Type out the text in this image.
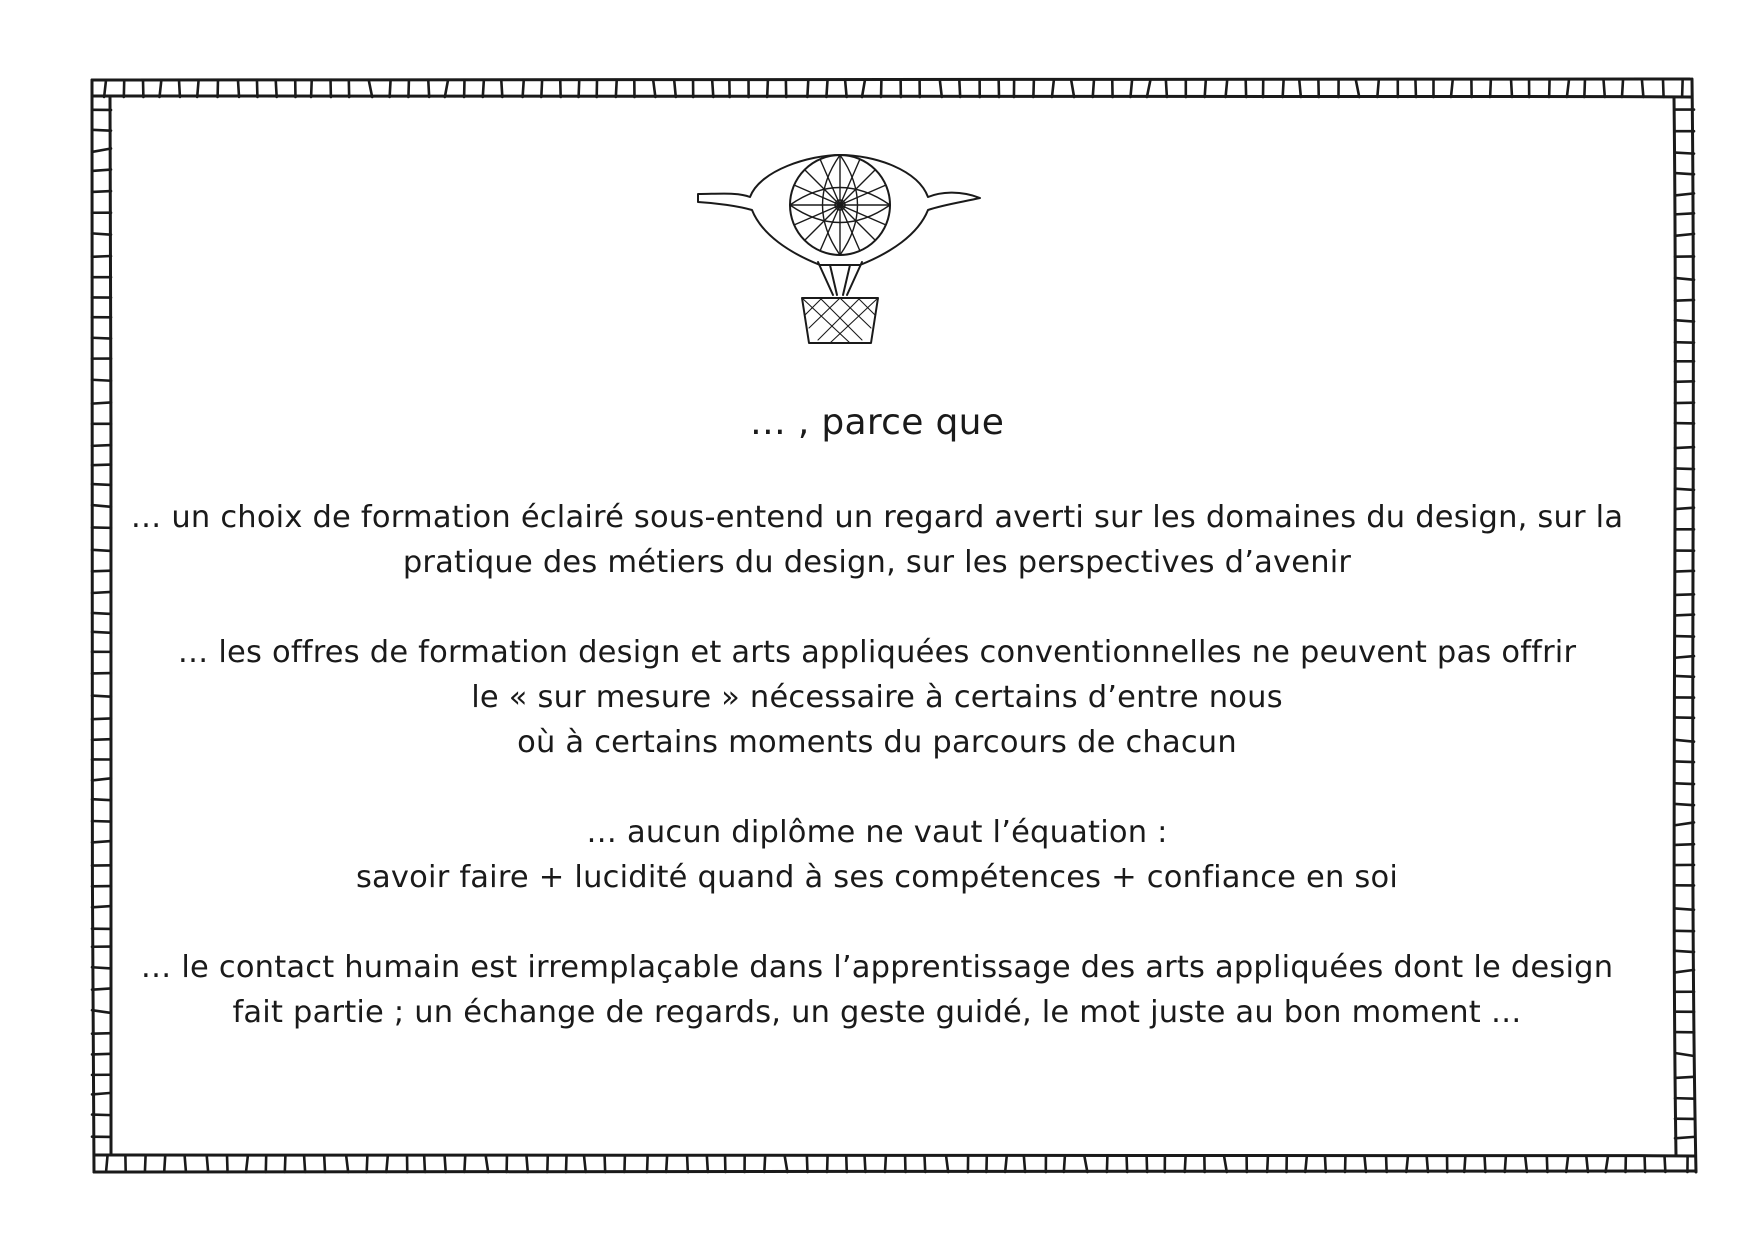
… , parce que
… un choix de formation éclairé sous-entend un regard averti sur les domaines du design, sur la
pratique des métiers du design, sur les perspectives d’avenir
… les offres de formation design et arts appliquées conventionnelles ne peuvent pas offrir
le « sur mesure » nécessaire à certains d’entre nous
où à certains moments du parcours de chacun
… aucun diplôme ne vaut l’équation :
savoir faire + lucidité quand à ses compétences + confiance en soi
… le contact humain est irremplaçable dans l’apprentissage des arts appliquées dont le design
fait partie ; un échange de regards, un geste guidé, le mot juste au bon moment …
